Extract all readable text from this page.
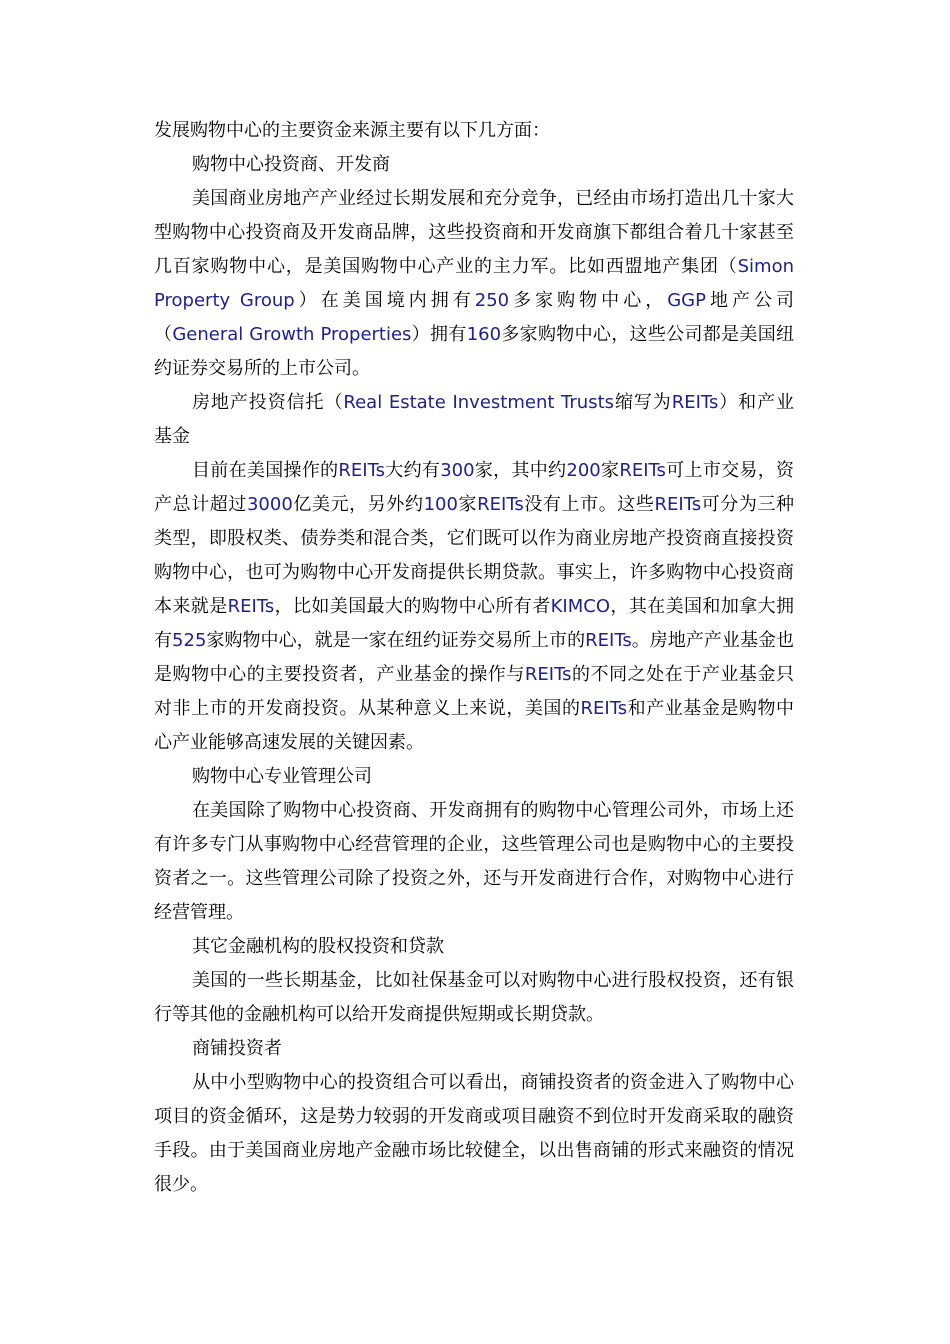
发展购物中心的主要资金来源主要有以下几方面：

购物中心投资商、开发商

美国商业房地产产业经过长期发展和充分竞争，已经由市场打造出几十家大型购物中心投资商及开发商品牌，这些投资商和开发商旗下都组合着几十家甚至几百家购物中心，是美国购物中心产业的主力军。比如西盟地产集团（Simon Property Group）在美国境内拥有250多家购物中心，GGP地产公司（General Growth Properties）拥有160多家购物中心，这些公司都是美国纽约证券交易所的上市公司。

房地产投资信托（Real Estate Investment Trusts缩写为REITs）和产业基金

目前在美国操作的REITs大约有300家，其中约200家REITs可上市交易，资产总计超过3000亿美元，另外约100家REITs没有上市。这些REITs可分为三种类型，即股权类、债券类和混合类，它们既可以作为商业房地产投资商直接投资购物中心，也可为购物中心开发商提供长期贷款。事实上，许多购物中心投资商本来就是REITs，比如美国最大的购物中心所有者KIMCO，其在美国和加拿大拥有525家购物中心，就是一家在纽约证券交易所上市的REITs。房地产产业基金也是购物中心的主要投资者，产业基金的操作与REITs的不同之处在于产业基金只对非上市的开发商投资。从某种意义上来说，美国的REITs和产业基金是购物中心产业能够高速发展的关键因素。

购物中心专业管理公司

在美国除了购物中心投资商、开发商拥有的购物中心管理公司外，市场上还有许多专门从事购物中心经营管理的企业，这些管理公司也是购物中心的主要投资者之一。这些管理公司除了投资之外，还与开发商进行合作，对购物中心进行经营管理。

其它金融机构的股权投资和贷款

美国的一些长期基金，比如社保基金可以对购物中心进行股权投资，还有银行等其他的金融机构可以给开发商提供短期或长期贷款。

商铺投资者

从中小型购物中心的投资组合可以看出，商铺投资者的资金进入了购物中心项目的资金循环，这是势力较弱的开发商或项目融资不到位时开发商采取的融资手段。由于美国商业房地产金融市场比较健全，以出售商铺的形式来融资的情况很少。
